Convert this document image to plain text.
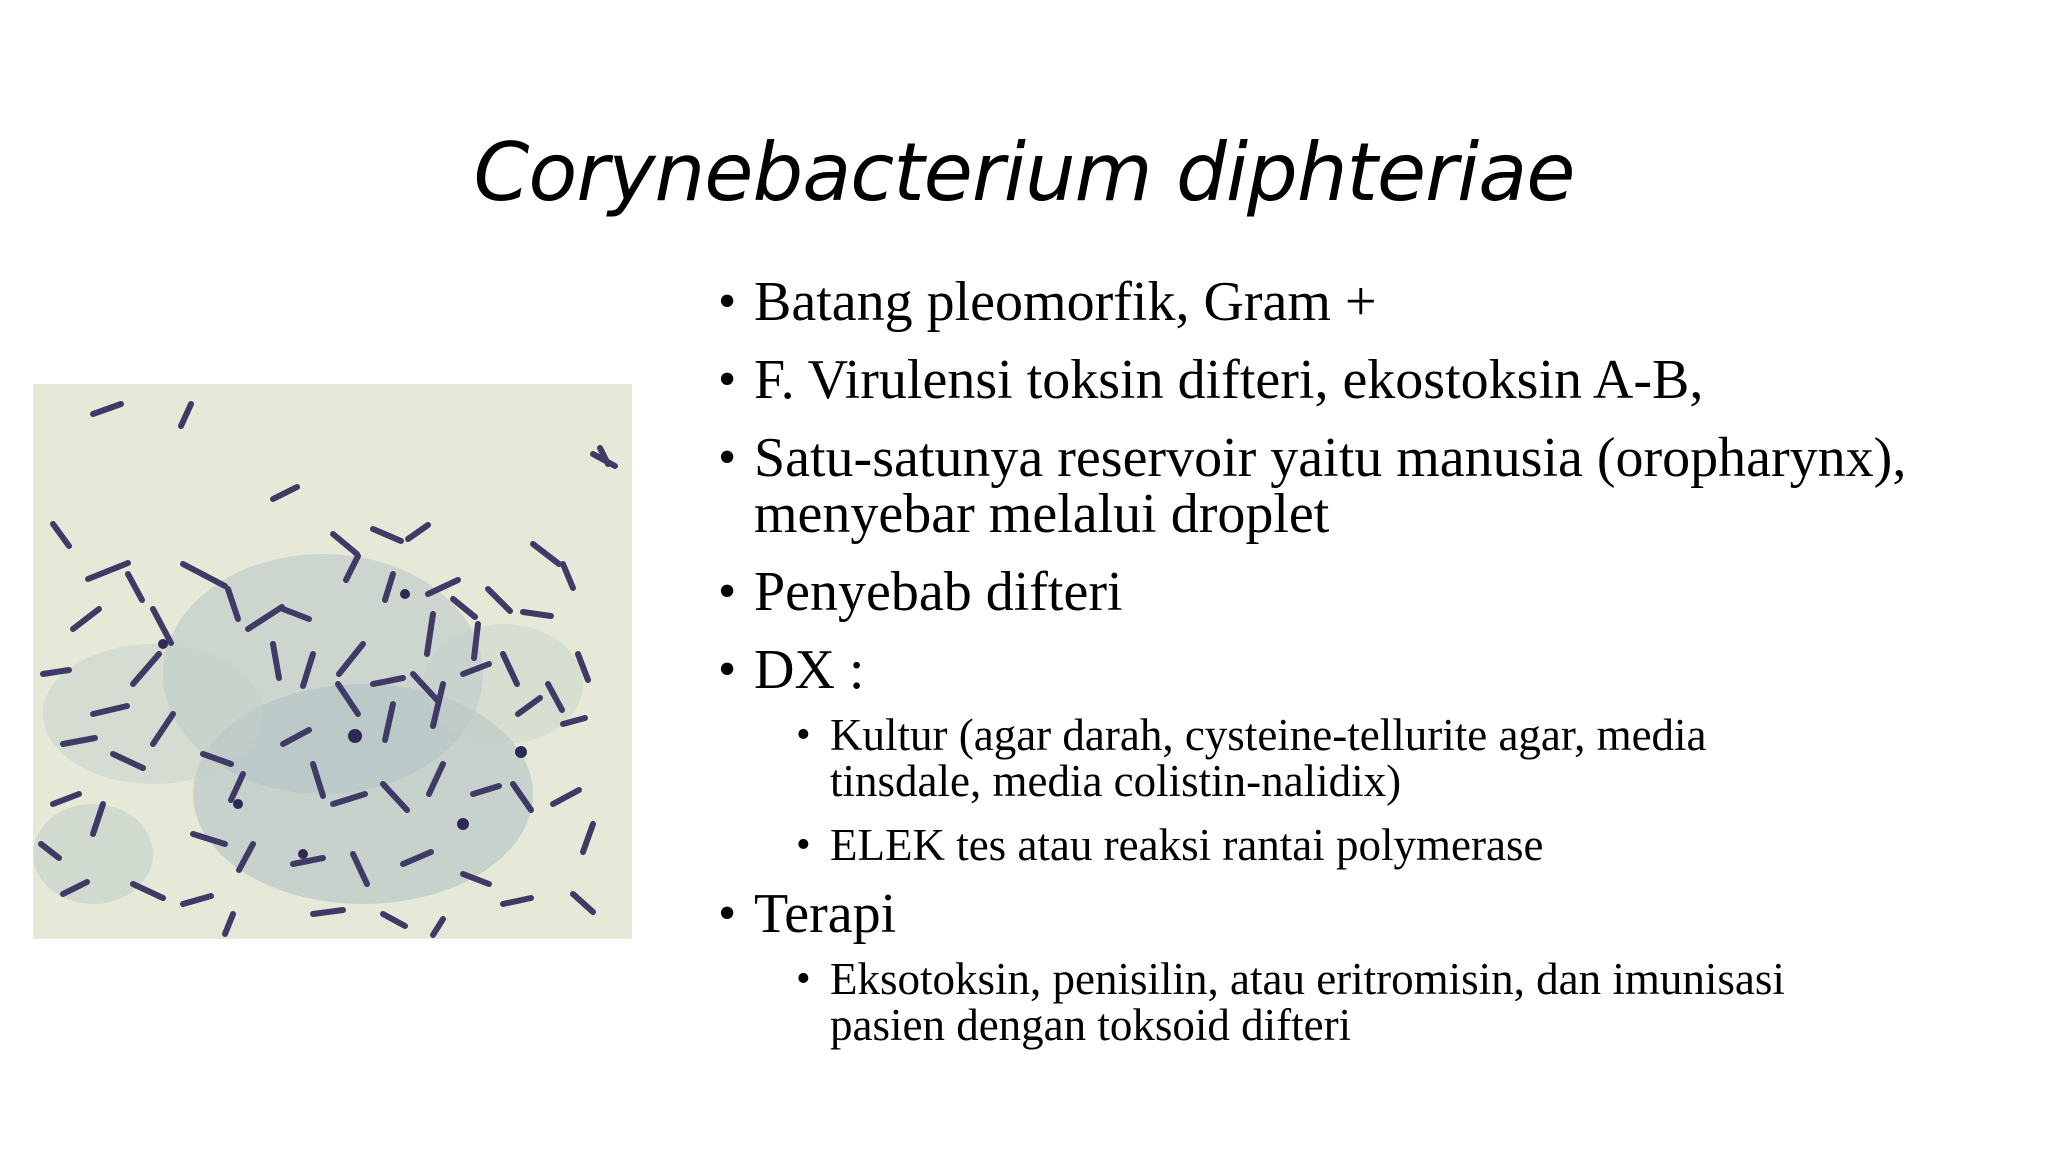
Corynebacterium diphteriae
• Batang pleomorfik, Gram +
• F. Virulensi toksin difteri, ekostoksin A-B,
• Satu-satunya reservoir yaitu manusia (oropharynx),
menyebar melalui droplet
• Penyebab difteri
• DX :
• Kultur (agar darah, cysteine-tellurite agar, media
tinsdale, media colistin-nalidix)
• ELEK tes atau reaksi rantai polymerase
• Terapi
• Eksotoksin, penisilin, atau eritromisin, dan imunisasi
pasien dengan toksoid difteri
